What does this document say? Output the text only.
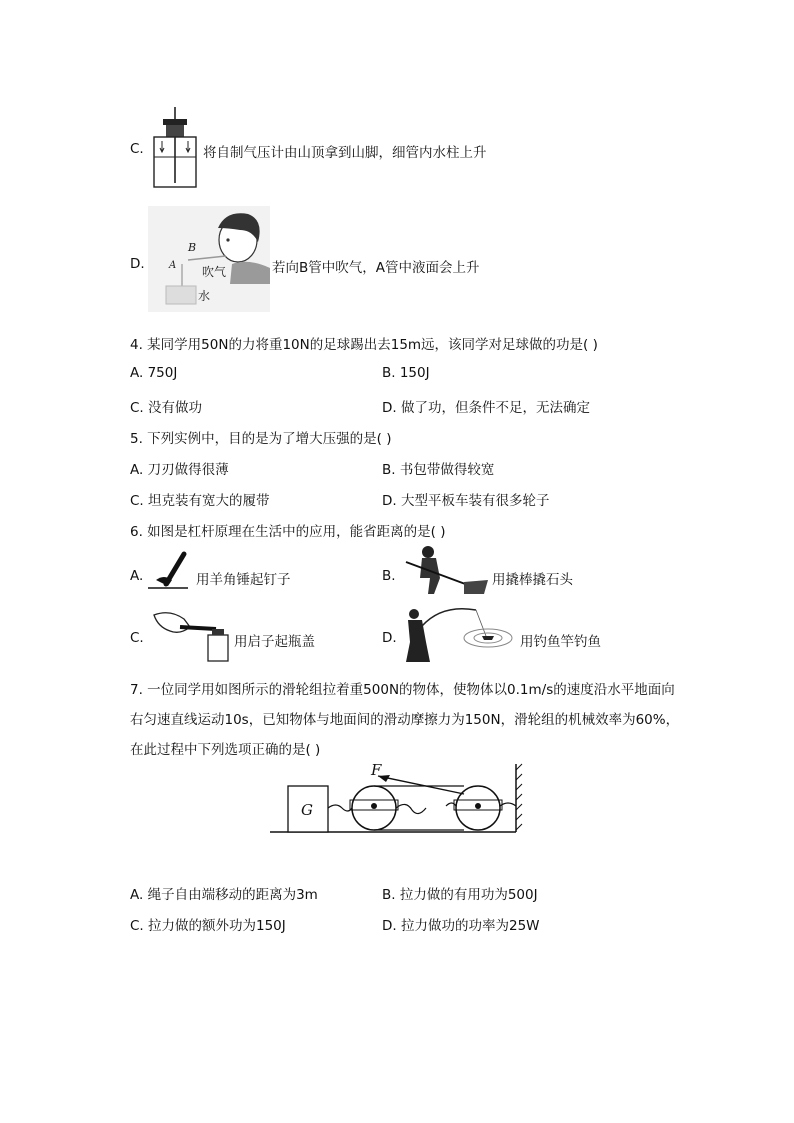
C.	将自制气压计由山顶拿到山脚，细管内水柱上升
D.
B
A 吹气
水
若向B管中吹气，A管中液面会上升
4. 某同学用50N的力将重10N的足球踢出去15m远，该同学对足球做的功是( )
A. 750J	B. 150J
C. 没有做功	D. 做了功，但条件不足，无法确定
5. 下列实例中，目的是为了增大压强的是( )
A. 刀刃做得很薄	B. 书包带做得较宽
C. 坦克装有宽大的履带	D. 大型平板车装有很多轮子
6. 如图是杠杆原理在生活中的应用，能省距离的是( )
A.	用羊角锤起钉子	B.	用撬棒撬石头
C.	用启子起瓶盖	D.	用钓鱼竿钓鱼
7. 一位同学用如图所示的滑轮组拉着重500N的物体，使物体以0.1m/s的速度沿水平地面向
右匀速直线运动10s，已知物体与地面间的滑动摩擦力为150N，滑轮组的机械效率为60%，
在此过程中下列选项正确的是( )
G
F
A. 绳子自由端移动的距离为3m	B. 拉力做的有用功为500J
C. 拉力做的额外功为150J	D. 拉力做功的功率为25W
